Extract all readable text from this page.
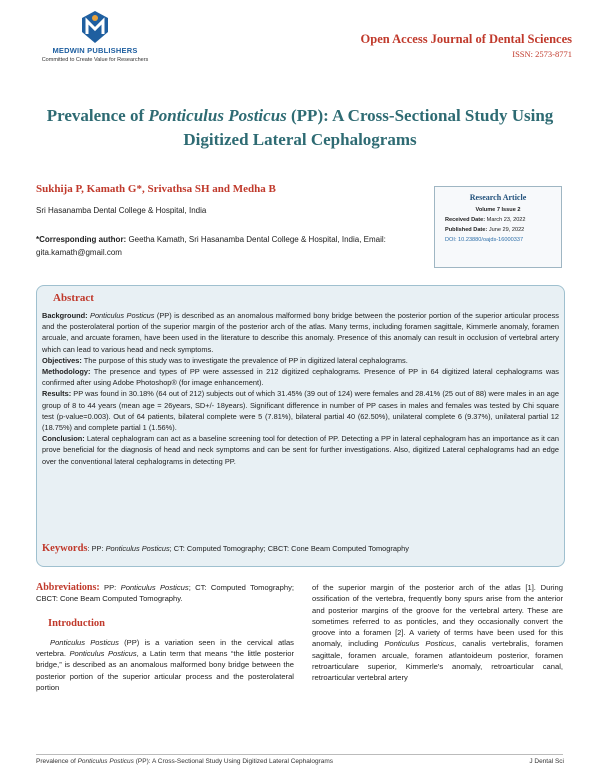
MEDWIN PUBLISHERS
Committed to Create Value for Researchers
Open Access Journal of Dental Sciences
ISSN: 2573-8771
Prevalence of Ponticulus Posticus (PP): A Cross-Sectional Study Using Digitized Lateral Cephalograms
Sukhija P, Kamath G*, Srivathsa SH and Medha B
Sri Hasanamba Dental College & Hospital, India
*Corresponding author: Geetha Kamath, Sri Hasanamba Dental College & Hospital, India, Email: gita.kamath@gmail.com
Research Article
Volume 7 Issue 2
Received Date: March 23, 2022
Published Date: June 29, 2022
DOI: 10.23880/oajds-16000337
Abstract

Background: Ponticulus Posticus (PP) is described as an anomalous malformed bony bridge between the posterior portion of the superior articular process and the posterolateral portion of the superior margin of the posterior arch of the atlas. Many terms, including foramen sagittale, Kimmerle anomaly, foramen arcuale, and arcuate foramen, have been used in the literature to describe this anomaly. Presence of this anomaly can result in occlusion of vertebral artery which can lead to various head and neck symptoms.

Objectives: The purpose of this study was to investigate the prevalence of PP in digitized lateral cephalograms.

Methodology: The presence and types of PP were assessed in 212 digitized cephalograms. Presence of PP in 64 digitized lateral cephalograms was confirmed after using Adobe Photoshop® (for image enhancement).

Results: PP was found in 30.18% (64 out of 212) subjects out of which 31.45% (39 out of 124) were females and 28.41% (25 out of 88) were males in an age group of 8 to 44 years (mean age = 26years, SD+/- 18years). Significant difference in number of PP cases in males and females was tested by Chi square test (p-value=0.003). Out of 64 patients, bilateral complete were 5 (7.81%), bilateral partial 40 (62.50%), unilateral complete 6 (9.37%), unilateral partial 12 (18.75%) and complete partial 1 (1.56%).

Conclusion: Lateral cephalogram can act as a baseline screening tool for detection of PP. Detecting a PP in lateral cephalogram has an importance as it can prove beneficial for the diagnosis of head and neck symptoms and can be sent for further investigations. Also, digitized Lateral cephalograms had an edge over the conventional lateral cephalograms in detecting PP.

Keywords: PP: Ponticulus Posticus; CT: Computed Tomography; CBCT: Cone Beam Computed Tomography
Abbreviations: PP: Ponticulus Posticus; CT: Computed Tomography; CBCT: Cone Beam Computed Tomography.
Introduction

Ponticulus Posticus (PP) is a variation seen in the cervical atlas vertebra. Ponticulus Posticus, a Latin term that means “the little posterior bridge,” is described as an anomalous malformed bony bridge between the posterior portion of the superior articular process and the posterolateral portion

of the superior margin of the posterior arch of the atlas [1]. During ossification of the vertebra, frequently bony spurs arise from the anterior and posterior margins of the groove for the vertebral artery. These are sometimes referred to as ponticles, and they occasionally convert the groove into a foramen [2]. A variety of terms have been used for this anomaly, including Ponticulus Posticus, canalis vertebralis, foramen sagittale, foramen arcuale, foramen atlantoideum posterior, foramen retroarticulare superior, Kimmerle's anomaly, retroarticular canal, retroarticular vertebral artery

Prevalence of Ponticulus Posticus (PP): A Cross-Sectional Study Using Digitized Lateral Cephalograms	J Dental Sci
